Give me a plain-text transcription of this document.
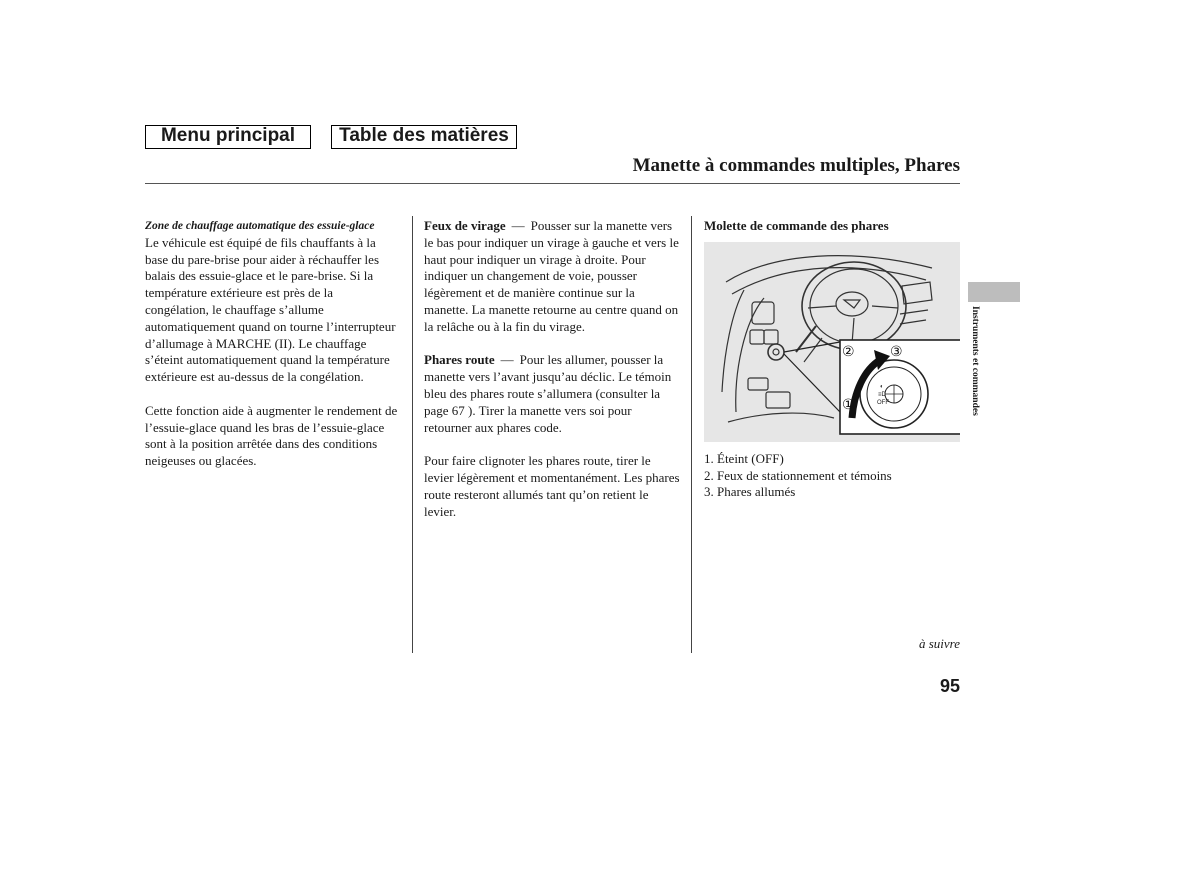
Menu principal	Table des matières
Manette à commandes multiples, Phares

Zone de chauffage automatique des essuie-glace

Le véhicule est équipé de fils chauffants à la base du pare-brise pour aider à réchauffer les balais des essuie-glace et le pare-brise. Si la température extérieure est près de la congélation, le chauffage s’allume automatiquement quand on tourne l’interrupteur d’allumage à MARCHE (II). Le chauffage s’éteint automatiquement quand la température extérieure est au-dessus de la congélation.

Cette fonction aide à augmenter le rendement de l’essuie-glace quand les bras de l’essuie-glace sont à la position arrêtée dans des conditions neigeuses ou glacées.

Feux de virage — Pousser sur la manette vers le bas pour indiquer un virage à gauche et vers le haut pour indiquer un virage à droite. Pour indiquer un changement de voie, pousser légèrement et de manière continue sur la manette. La manette retourne au centre quand on la relâche ou à la fin du virage.

Phares route — Pour les allumer, pousser la manette vers l’avant jusqu’au déclic. Le témoin bleu des phares route s’allumera (consulter la page 67 ). Tirer la manette vers soi pour retourner aux phares code.

Pour faire clignoter les phares route, tirer le levier légèrement et momentanément. Les phares route resteront allumés tant qu’on retient le levier.

Molette de commande des phares

◐
≡D
OFF
①
②	③
1. Éteint (OFF)
2. Feux de stationnement et témoins
3. Phares allumés
Instruments et commandes
à suivre
95
